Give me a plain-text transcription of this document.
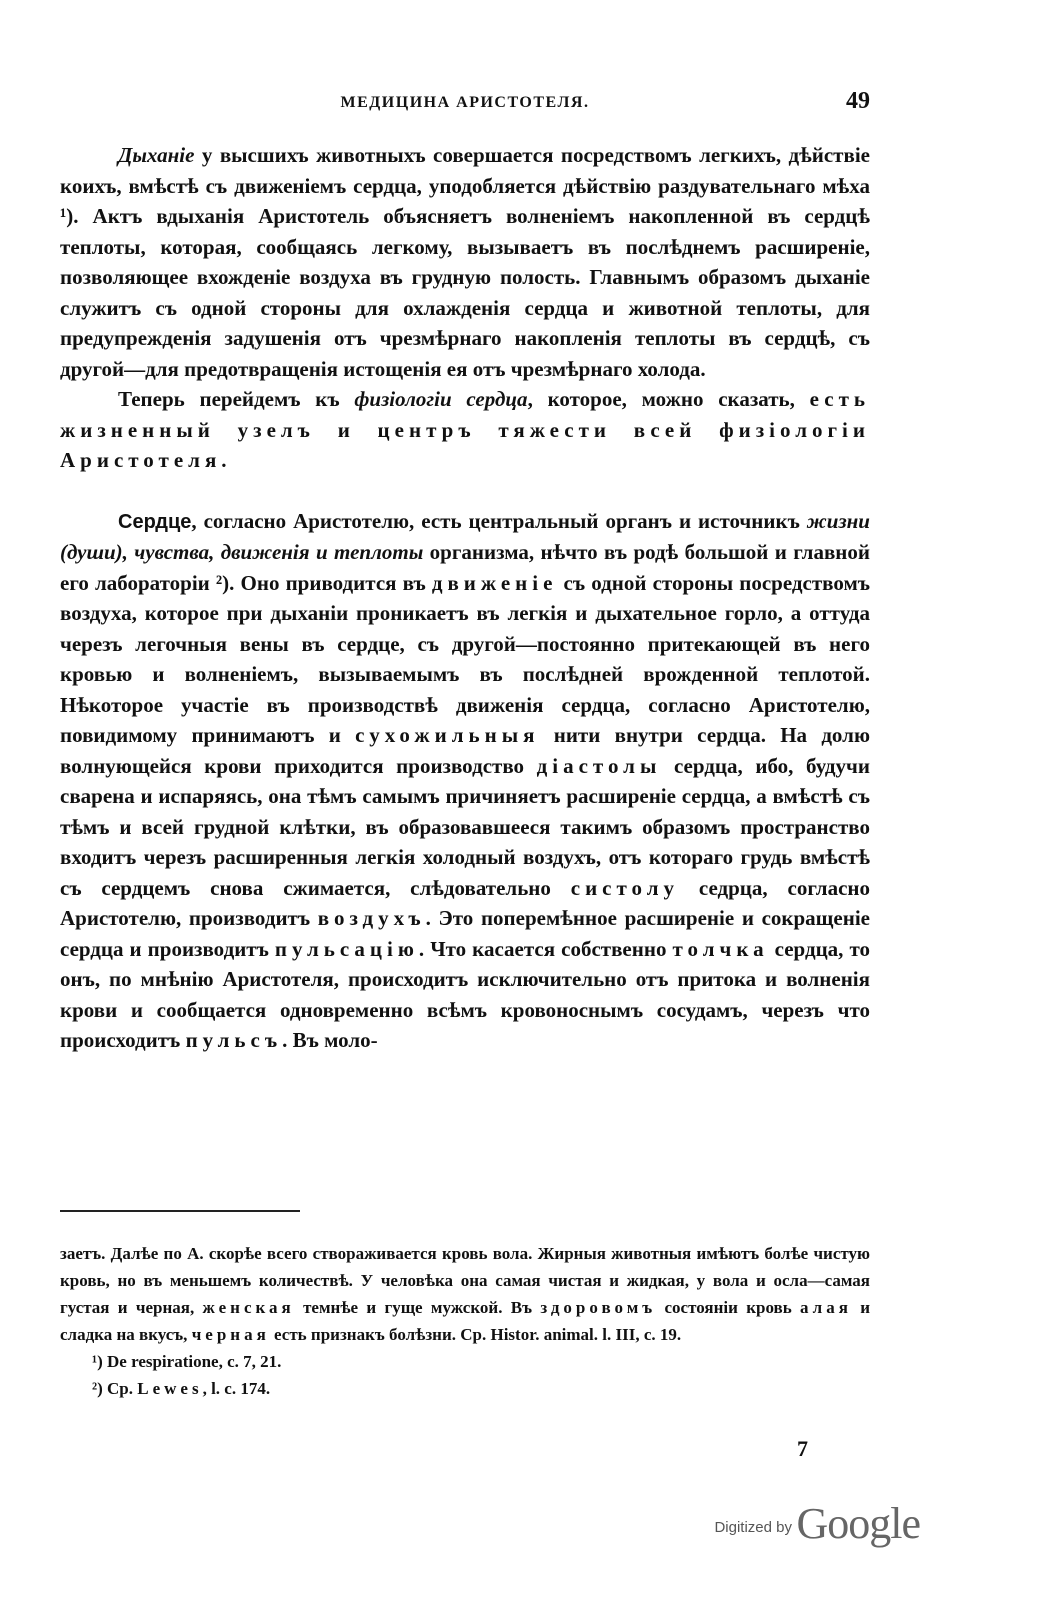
МЕДИЦИНА АРИСТОТЕЛЯ.	49

Дыханіе у высшихъ животныхъ совершается посредствомъ легкихъ, дѣйствіе коихъ, вмѣстѣ съ движеніемъ сердца, уподобляется дѣйствію раздувательнаго мѣха ¹). Актъ вдыханія Аристотель объясняетъ волненіемъ накопленной въ сердцѣ теплоты, которая, сообщаясь легкому, вызываетъ въ послѣднемъ расширеніе, позволяющее вхожденіе воздуха въ грудную полость. Главнымъ образомъ дыханіе служитъ съ одной стороны для охлажденія сердца и животной теплоты, для предупрежденія задушенія отъ чрезмѣрнаго накопленія теплоты въ сердцѣ, съ другой—для предотвращенія истощенія ея отъ чрезмѣрнаго холода.

Теперь перейдемъ къ физіологіи сердца, которое, можно сказать, есть жизненный узелъ и центръ тяжести всей физіологіи Аристотеля.

Сердце, согласно Аристотелю, есть центральный органъ и источникъ жизни (души), чувства, движенія и теплоты организма, нѣчто въ родѣ большой и главной его лабораторіи ²). Оно приводится въ движеніе съ одной стороны посредствомъ воздуха, которое при дыханіи проникаетъ въ легкія и дыхательное горло, а оттуда черезъ легочныя вены въ сердце, съ другой—постоянно притекающей въ него кровью и волненіемъ, вызываемымъ въ послѣдней врожденной теплотой. Нѣкоторое участіе въ производствѣ движенія сердца, согласно Аристотелю, повидимому принимаютъ и сухожильныя нити внутри сердца. На долю волнующейся крови приходится производство діастолы сердца, ибо, будучи сварена и испаряясь, она тѣмъ самымъ причиняетъ расширеніе сердца, а вмѣстѣ съ тѣмъ и всей грудной клѣтки, въ образовавшееся такимъ образомъ пространство входитъ черезъ расширенныя легкія холодный воздухъ, отъ котораго грудь вмѣстѣ съ сердцемъ снова сжимается, слѣдовательно систолу седрца, согласно Аристотелю, производитъ воздухъ. Это поперемѣнное расширеніе и сокращеніе сердца и производитъ пульсацію. Что касается собственно толчка сердца, то онъ, по мнѣнію Аристотеля, происходитъ исключительно отъ притока и волненія крови и сообщается одновременно всѣмъ кровоноснымъ сосудамъ, черезъ что происходитъ пульсъ. Въ моло-

заетъ. Далѣе по А. скорѣе всего створаживается кровь вола. Жирныя животныя имѣютъ болѣе чистую кровь, но въ меньшемъ количествѣ. У человѣка она самая чистая и жидкая, у вола и осла—самая густая и черная, женская темнѣе и гуще мужской. Въ здоровомъ состояніи кровь алая и сладка на вкусъ, черная есть признакъ болѣзни. Ср. Histor. animal. l. III, c. 19.

¹) De respiratione, c. 7, 21.

²) Ср. Lewes, l. c. 174.

7
Digitized by Google
